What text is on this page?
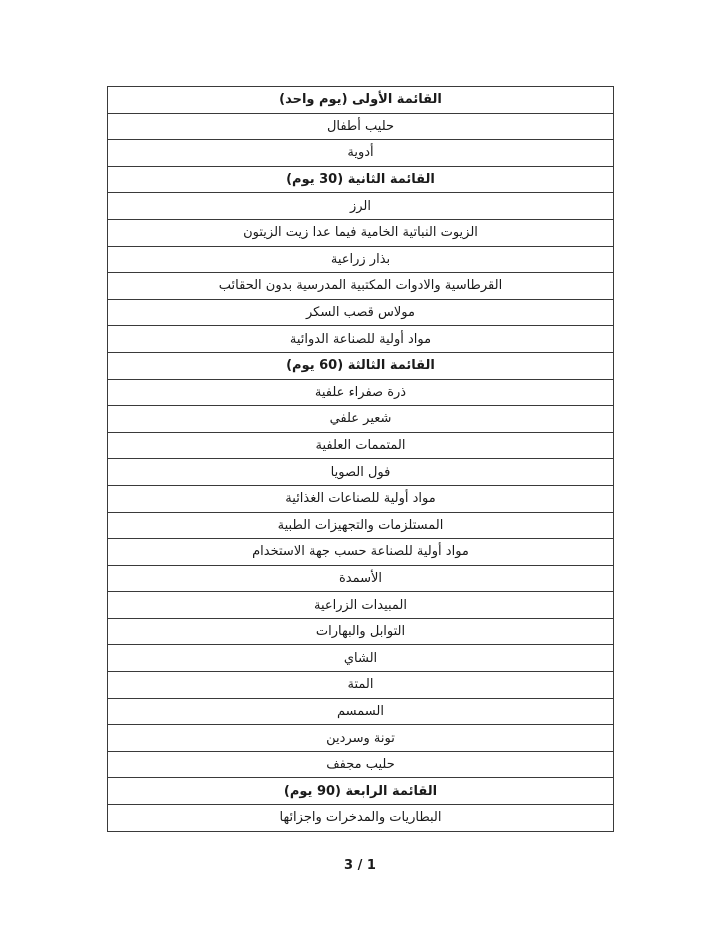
القائمة الأولى (يوم واحد)
حليب أطفال
أدوية
القائمة الثانية (30 يوم)
الرز
الزيوت النباتية الخامية فيما عدا زيت الزيتون
بذار زراعية
القرطاسية والادوات المكتبية المدرسية بدون الحقائب
مولاس قصب السكر
مواد أولية للصناعة الدوائية
القائمة الثالثة (60 يوم)
ذرة صفراء علفية
شعير علفي
المتممات العلفية
فول الصويا
مواد أولية للصناعات الغذائية
المستلزمات والتجهيزات الطبية
مواد أولية للصناعة حسب جهة الاستخدام
الأسمدة
المبيدات الزراعية
التوابل والبهارات
الشاي
المتة
السمسم
تونة وسردين
حليب مجفف
القائمة الرابعة (90 يوم)
البطاريات والمدخرات واجزائها
3 / 1
